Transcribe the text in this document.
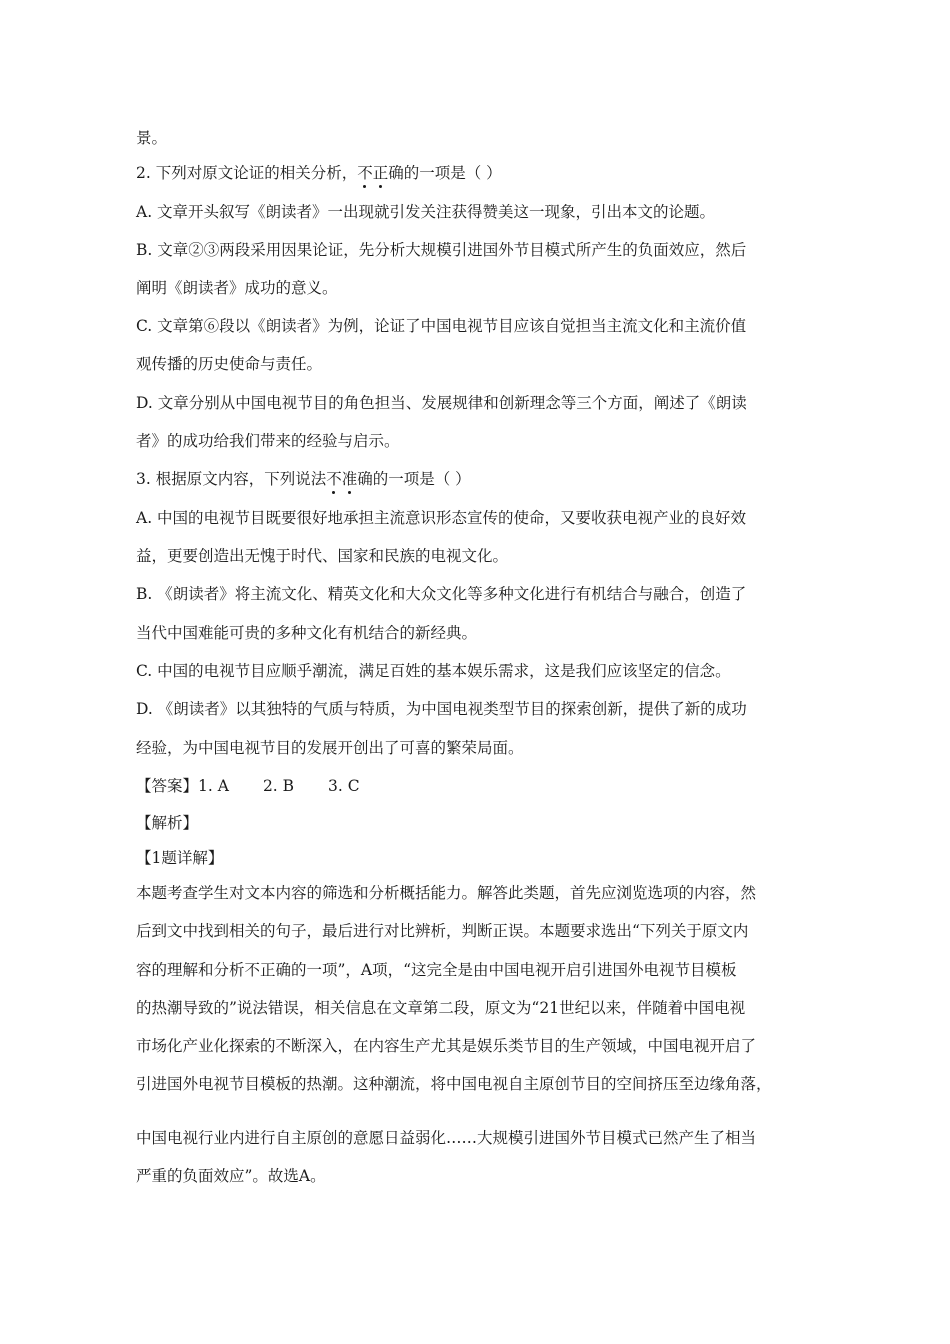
景。
2. 下列对原文论证的相关分析，不正确的一项是（ ）
A. 文章开头叙写《朗读者》一出现就引发关注获得赞美这一现象，引出本文的论题。
B. 文章②③两段采用因果论证，先分析大规模引进国外节目模式所产生的负面效应，然后
阐明《朗读者》成功的意义。
C. 文章第⑥段以《朗读者》为例，论证了中国电视节目应该自觉担当主流文化和主流价值
观传播的历史使命与责任。
D. 文章分别从中国电视节目的角色担当、发展规律和创新理念等三个方面，阐述了《朗读
者》的成功给我们带来的经验与启示。
3. 根据原文内容，下列说法不准确的一项是（ ）
A. 中国的电视节目既要很好地承担主流意识形态宣传的使命，又要收获电视产业的良好效
益，更要创造出无愧于时代、国家和民族的电视文化。
B. 《朗读者》将主流文化、精英文化和大众文化等多种文化进行有机结合与融合，创造了
当代中国难能可贵的多种文化有机结合的新经典。
C. 中国的电视节目应顺乎潮流，满足百姓的基本娱乐需求，这是我们应该坚定的信念。
D. 《朗读者》以其独特的气质与特质，为中国电视类型节目的探索创新，提供了新的成功
经验，为中国电视节目的发展开创出了可喜的繁荣局面。
【答案】1. A 2. B 3. C
【解析】
【1题详解】
本题考查学生对文本内容的筛选和分析概括能力。解答此类题，首先应浏览选项的内容，然
后到文中找到相关的句子，最后进行对比辨析，判断正误。本题要求选出“下列关于原文内
容的理解和分析不正确的一项”，A项，“这完全是由中国电视开启引进国外电视节目模板
的热潮导致的”说法错误，相关信息在文章第二段，原文为“21世纪以来，伴随着中国电视
市场化产业化探索的不断深入，在内容生产尤其是娱乐类节目的生产领域，中国电视开启了
引进国外电视节目模板的热潮。这种潮流，将中国电视自主原创节目的空间挤压至边缘角落，
中国电视行业内进行自主原创的意愿日益弱化……大规模引进国外节目模式已然产生了相当
严重的负面效应”。故选A。
